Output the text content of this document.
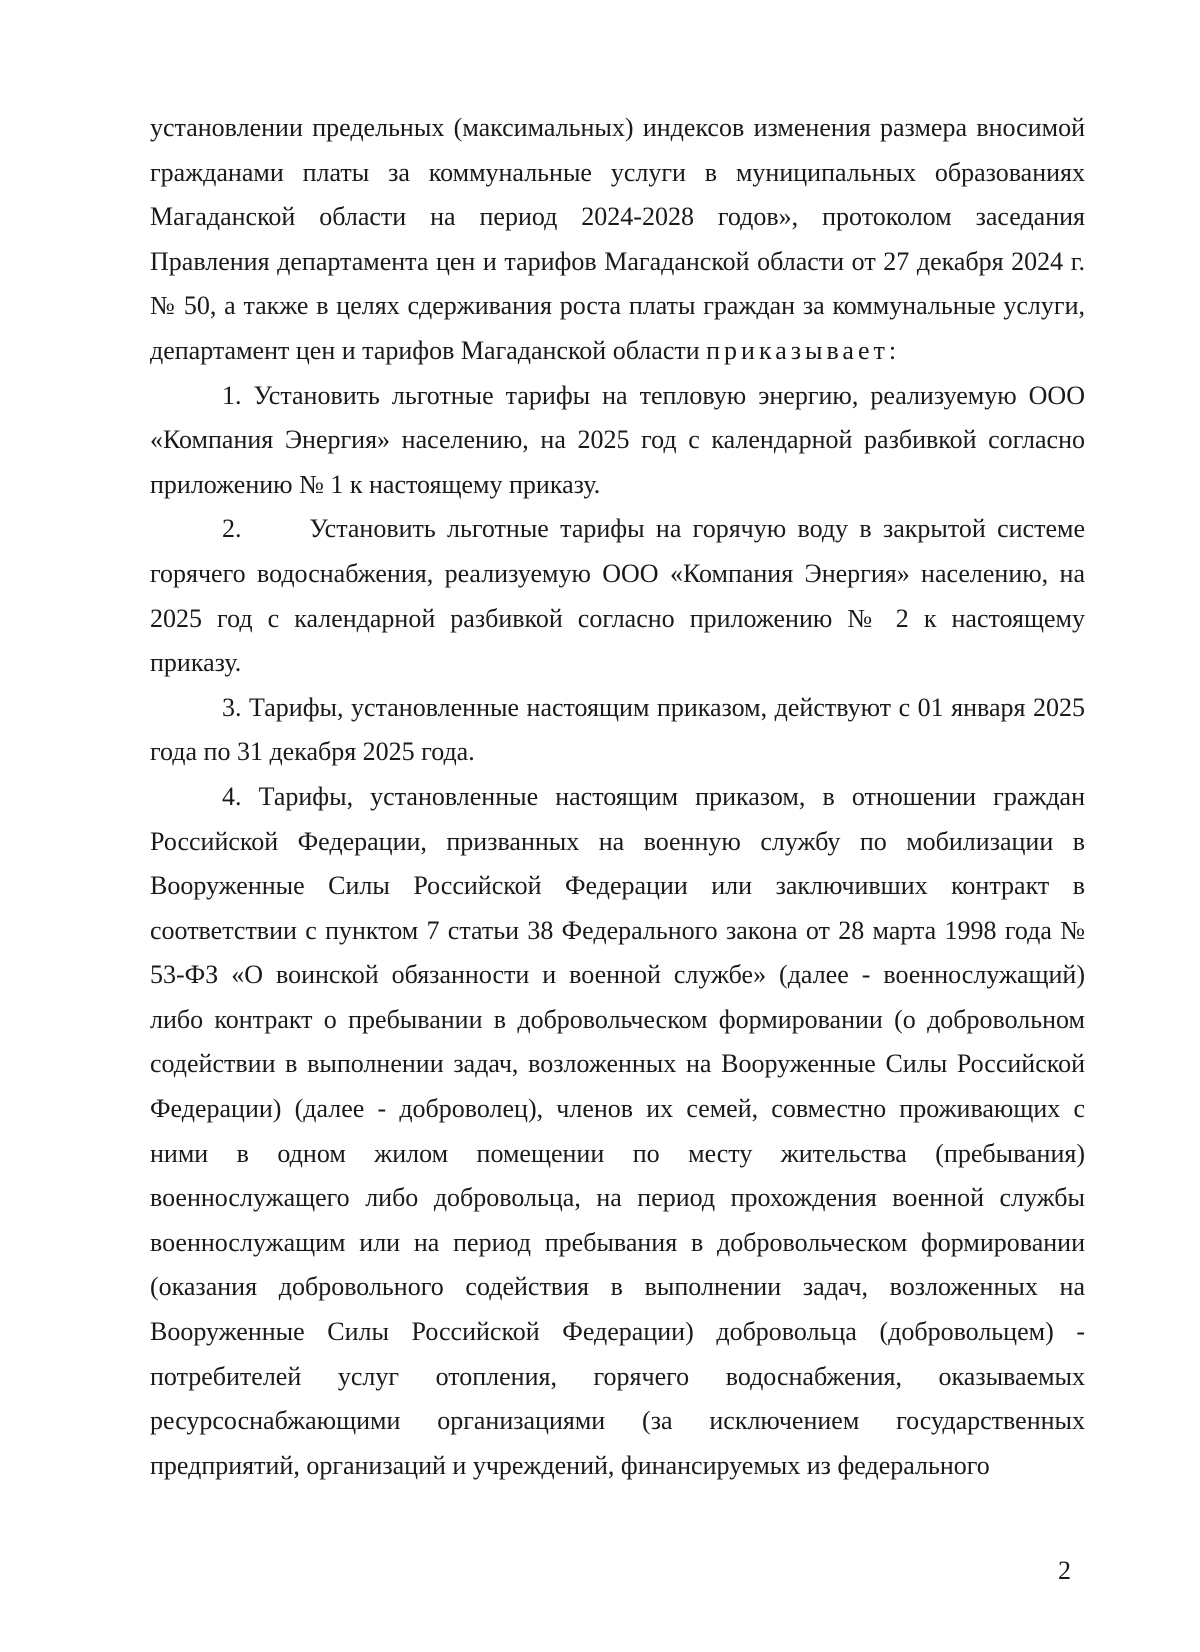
установлении предельных (максимальных) индексов изменения размера вносимой гражданами платы за коммунальные услуги в муниципальных образованиях Магаданской области на период 2024-2028 годов», протоколом заседания Правления департамента цен и тарифов Магаданской области от 27 декабря 2024 г. № 50, а также в целях сдерживания роста платы граждан за коммунальные услуги, департамент цен и тарифов Магаданской области приказывает:

1. Установить льготные тарифы на тепловую энергию, реализуемую ООО «Компания Энергия» населению, на 2025 год с календарной разбивкой согласно приложению № 1 к настоящему приказу.

2.      Установить льготные тарифы на горячую воду в закрытой системе горячего водоснабжения, реализуемую ООО «Компания Энергия» населению, на 2025 год с календарной разбивкой согласно приложению № 2 к настоящему приказу.

3. Тарифы, установленные настоящим приказом, действуют с 01 января 2025 года по 31 декабря 2025 года.

4. Тарифы, установленные настоящим приказом, в отношении граждан Российской Федерации, призванных на военную службу по мобилизации в Вооруженные Силы Российской Федерации или заключивших контракт в соответствии с пунктом 7 статьи 38 Федерального закона от 28 марта 1998 года № 53-ФЗ «О воинской обязанности и военной службе» (далее - военнослужащий) либо контракт о пребывании в добровольческом формировании (о добровольном содействии в выполнении задач, возложенных на Вооруженные Силы Российской Федерации) (далее - доброволец), членов их семей, совместно проживающих с ними в одном жилом помещении по месту жительства (пребывания) военнослужащего либо добровольца, на период прохождения военной службы военнослужащим или на период пребывания в добровольческом формировании (оказания добровольного содействия в выполнении задач, возложенных на Вооруженные Силы Российской Федерации) добровольца (добровольцем) - потребителей услуг отопления, горячего водоснабжения, оказываемых ресурсоснабжающими организациями (за исключением государственных предприятий, организаций и учреждений, финансируемых из федерального

2
